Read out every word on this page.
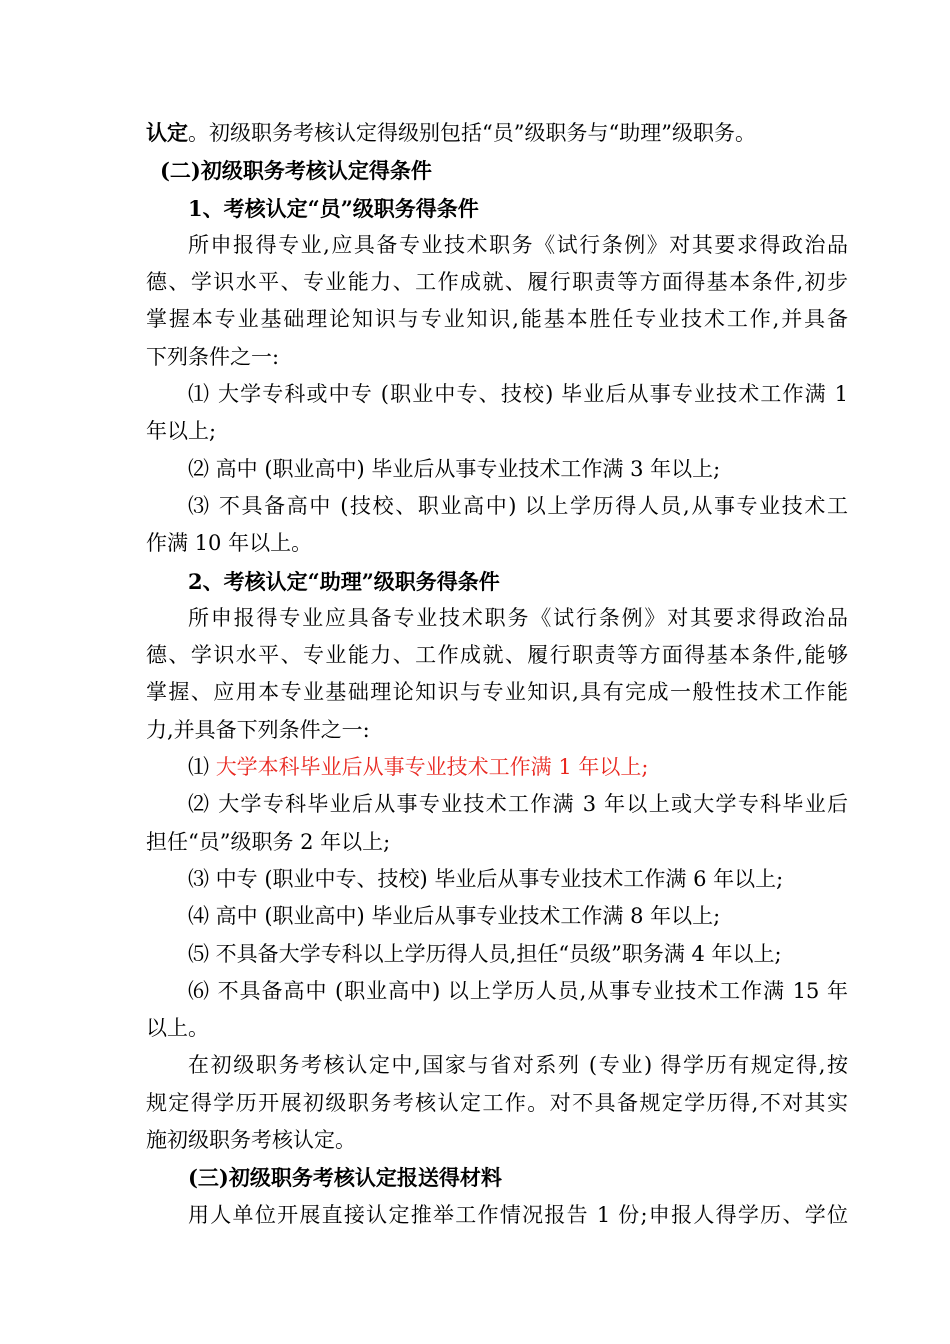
认定。初级职务考核认定得级别包括“员”级职务与“助理”级职务。
(二)初级职务考核认定得条件
1、考核认定“员”级职务得条件
所申报得专业,应具备专业技术职务《试行条例》对其要求得政治品
德、学识水平、专业能力、工作成就、履行职责等方面得基本条件,初步
掌握本专业基础理论知识与专业知识,能基本胜任专业技术工作,并具备
下列条件之一:
⑴ 大学专科或中专 (职业中专、技校) 毕业后从事专业技术工作满 1
年以上;
⑵ 高中 (职业高中) 毕业后从事专业技术工作满 3 年以上;
⑶ 不具备高中 (技校、职业高中) 以上学历得人员,从事专业技术工
作满 10 年以上。
2、考核认定“助理”级职务得条件
所申报得专业应具备专业技术职务《试行条例》对其要求得政治品
德、学识水平、专业能力、工作成就、履行职责等方面得基本条件,能够
掌握、应用本专业基础理论知识与专业知识,具有完成一般性技术工作能
力,并具备下列条件之一:
⑴ 大学本科毕业后从事专业技术工作满 1 年以上;
⑵ 大学专科毕业后从事专业技术工作满 3 年以上或大学专科毕业后
担任“员”级职务 2 年以上;
⑶ 中专 (职业中专、技校) 毕业后从事专业技术工作满 6 年以上;
⑷ 高中 (职业高中) 毕业后从事专业技术工作满 8 年以上;
⑸ 不具备大学专科以上学历得人员,担任“员级”职务满 4 年以上;
⑹ 不具备高中 (职业高中) 以上学历人员,从事专业技术工作满 15 年
以上。
在初级职务考核认定中,国家与省对系列 (专业) 得学历有规定得,按
规定得学历开展初级职务考核认定工作。对不具备规定学历得,不对其实
施初级职务考核认定。
(三)初级职务考核认定报送得材料
用人单位开展直接认定推举工作情况报告 1 份;申报人得学历、学位
